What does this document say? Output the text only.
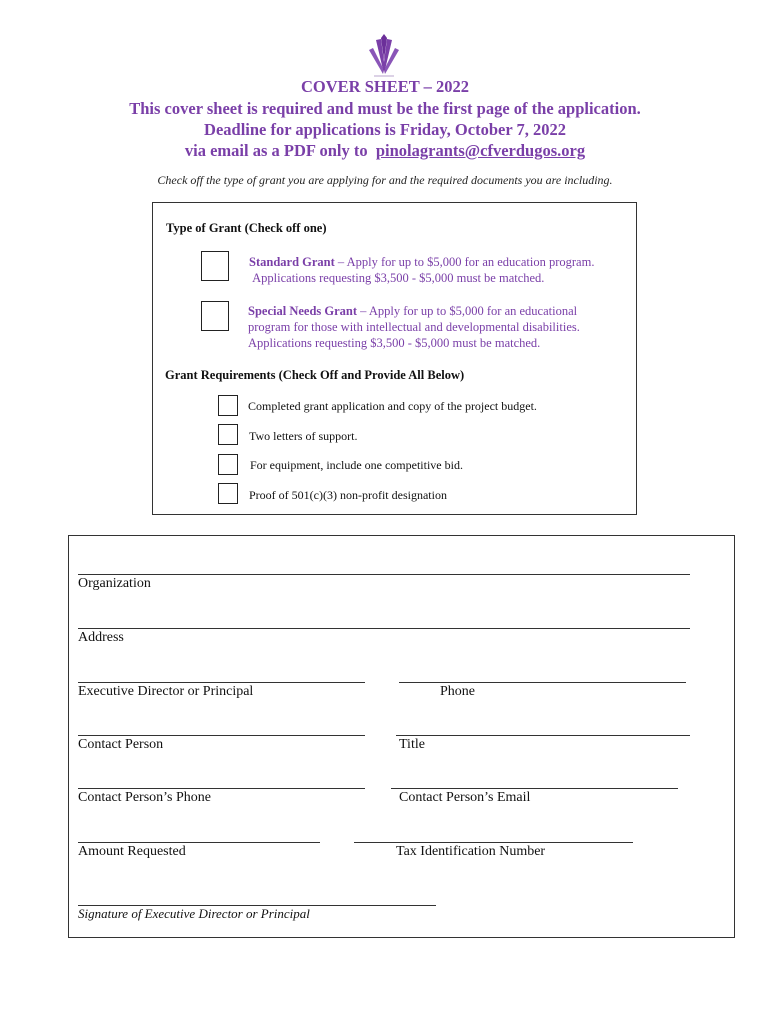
COVER SHEET – 2022
This cover sheet is required and must be the first page of the application.
Deadline for applications is Friday, October 7, 2022
via email as a PDF only to pinolagrants@cfverdugos.org
Check off the type of grant you are applying for and the required documents you are including.
Type of Grant (Check off one)
Standard Grant – Apply for up to $5,000 for an education program.
Applications requesting $3,500 - $5,000 must be matched.
Special Needs Grant – Apply for up to $5,000 for an educational
program for those with intellectual and developmental disabilities.
Applications requesting $3,500 - $5,000 must be matched.
Grant Requirements (Check Off and Provide All Below)
Completed grant application and copy of the project budget.
Two letters of support.
For equipment, include one competitive bid.
Proof of 501(c)(3) non-profit designation
Organization
Address
Executive Director or Principal	Phone
Contact Person	Title
Contact Person’s Phone	Contact Person’s Email
Amount Requested	Tax Identification Number
Signature of Executive Director or Principal
